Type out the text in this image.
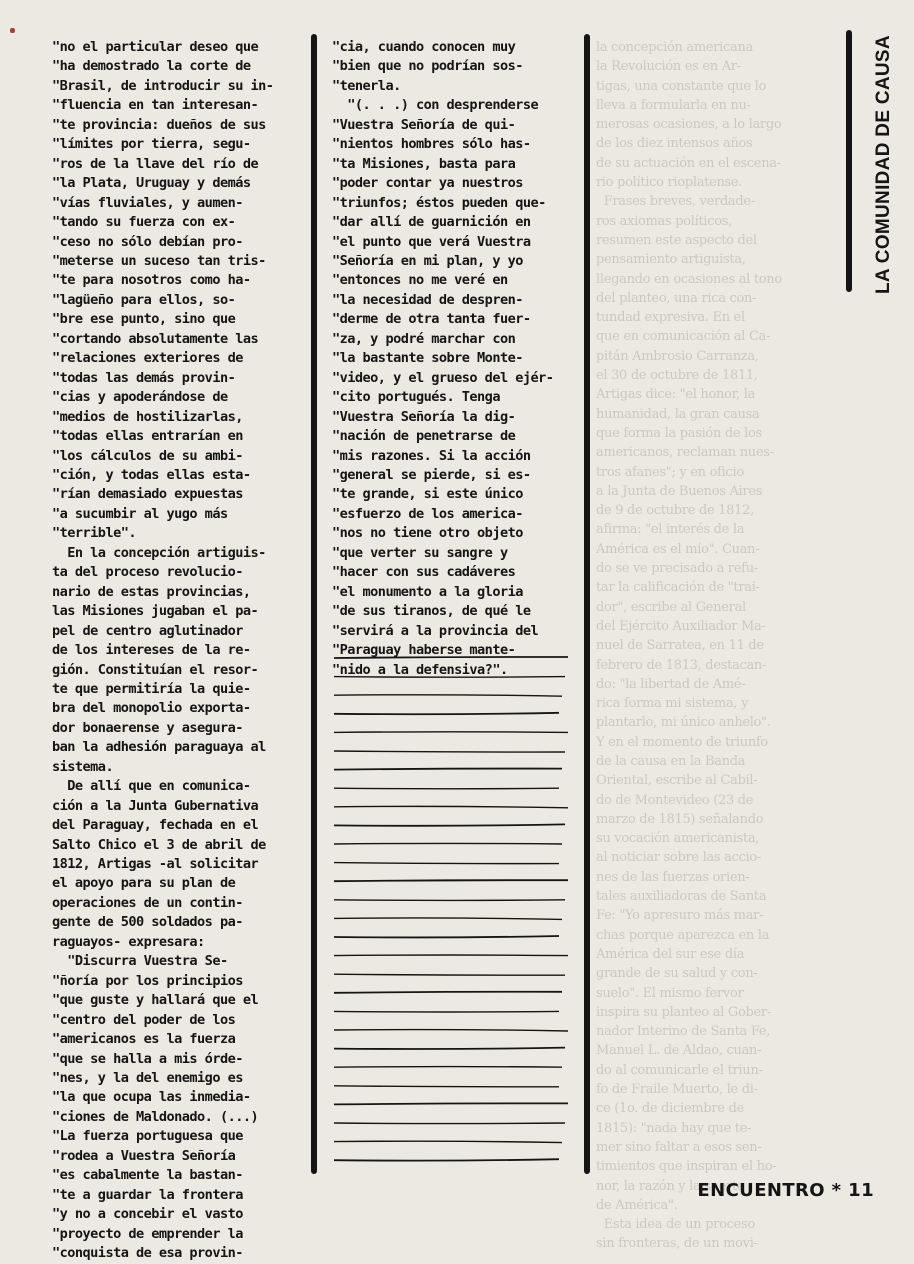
"no el particular deseo que
"ha demostrado la corte de
"Brasil, de introducir su in-
"fluencia en tan interesan-
"te provincia: dueños de sus
"límites por tierra, segu-
"ros de la llave del río de
"la Plata, Uruguay y demás
"vías fluviales, y aumen-
"tando su fuerza con ex-
"ceso no sólo debían pro-
"meterse un suceso tan tris-
"te para nosotros como ha-
"lagüeño para ellos, so-
"bre ese punto, sino que
"cortando absolutamente las
"relaciones exteriores de
"todas las demás provin-
"cias y apoderándose de
"medios de hostilizarlas,
"todas ellas entrarían en
"los cálculos de su ambi-
"ción, y todas ellas esta-
"rían demasiado expuestas
"a sucumbir al yugo más
"terrible".
En la concepción artiguis-
ta del proceso revolucio-
nario de estas provincias,
las Misiones jugaban el pa-
pel de centro aglutinador
de los intereses de la re-
gión. Constituían el resor-
te que permitiría la quie-
bra del monopolio exporta-
dor bonaerense y asegura-
ban la adhesión paraguaya al
sistema.
De allí que en comunica-
ción a la Junta Gubernativa
del Paraguay, fechada en el
Salto Chico el 3 de abril de
1812, Artigas -al solicitar
el apoyo para su plan de
operaciones de un contin-
gente de 500 soldados pa-
raguayos- expresara:
"Discurra Vuestra Se-
"ñoría por los principios
"que guste y hallará que el
"centro del poder de los
"americanos es la fuerza
"que se halla a mis órde-
"nes, y la del enemigo es
"la que ocupa las inmedia-
"ciones de Maldonado. (...)
"La fuerza portuguesa que
"rodea a Vuestra Señoría
"es cabalmente la bastan-
"te a guardar la frontera
"y no a concebir el vasto
"proyecto de emprender la
"conquista de esa provin-
"cia, cuando conocen muy
"bien que no podrían sos-
"tenerla.
"(. . .) con desprenderse
"Vuestra Señoría de qui-
"nientos hombres sólo has-
"ta Misiones, basta para
"poder contar ya nuestros
"triunfos; éstos pueden que-
"dar allí de guarnición en
"el punto que verá Vuestra
"Señoría en mi plan, y yo
"entonces no me veré en
"la necesidad de despren-
"derme de otra tanta fuer-
"za, y podré marchar con
"la bastante sobre Monte-
"video, y el grueso del ejér-
"cito portugués. Tenga
"Vuestra Señoría la dig-
"nación de penetrarse de
"mis razones. Si la acción
"general se pierde, si es-
"te grande, si este único
"esfuerzo de los america-
"nos no tiene otro objeto
"que verter su sangre y
"hacer con sus cadáveres
"el monumento a la gloria
"de sus tiranos, de qué le
"servirá a la provincia del
"Paraguay haberse mante-
"nido a la defensiva?".
la concepción americana
la Revolución es en Ar-
tigas, una constante que lo
lleva a formularla en nu-
merosas ocasiones, a lo largo
de los diez intensos años
de su actuación en el escena-
rio político rioplatense.
Frases breves, verdade-
ros axiomas políticos,
resumen este aspecto del
pensamiento artiguista,
llegando en ocasiones al tono
del planteo, una rica con-
tundad expresiva. En el
que en comunicación al Ca-
pitán Ambrosio Carranza,
el 30 de octubre de 1811,
Artigas dice: "el honor, la
humanidad, la gran causa
que forma la pasión de los
americanos, reclaman nues-
tros afanes"; y en oficio
a la Junta de Buenos Aires
de 9 de octubre de 1812,
afirma: "el interés de la
América es el mío". Cuan-
do se ve precisado a refu-
tar la calificación de "trai-
dor", escribe al General
del Ejército Auxiliador Ma-
nuel de Sarratea, en 11 de
febrero de 1813, destacan-
do: "la libertad de Amé-
rica forma mi sistema, y
plantarlo, mi único anhelo".
Y en el momento de triunfo
de la causa en la Banda
Oriental, escribe al Cabil-
do de Montevideo (23 de
marzo de 1815) señalando
su vocación americanista,
al noticiar sobre las accio-
nes de las fuerzas orien-
tales auxiliadoras de Santa
Fe: "Yo apresuro más mar-
chas porque aparezca en la
América del sur ese día
grande de su salud y con-
suelo". El mismo fervor
inspira su planteo al Gober-
nador Interino de Santa Fe,
Manuel L. de Aldao, cuan-
do al comunicarle el triun-
fo de Fraile Muerto, le di-
ce (1o. de diciembre de
1815): "nada hay que te-
mer sino faltar a esos sen-
timientos que inspiran el ho-
nor, la razón y la suerte
de América".
Esta idea de un proceso
sin fronteras, de un movi-
LA COMUNIDAD DE CAUSA
ENCUENTRO * 11
